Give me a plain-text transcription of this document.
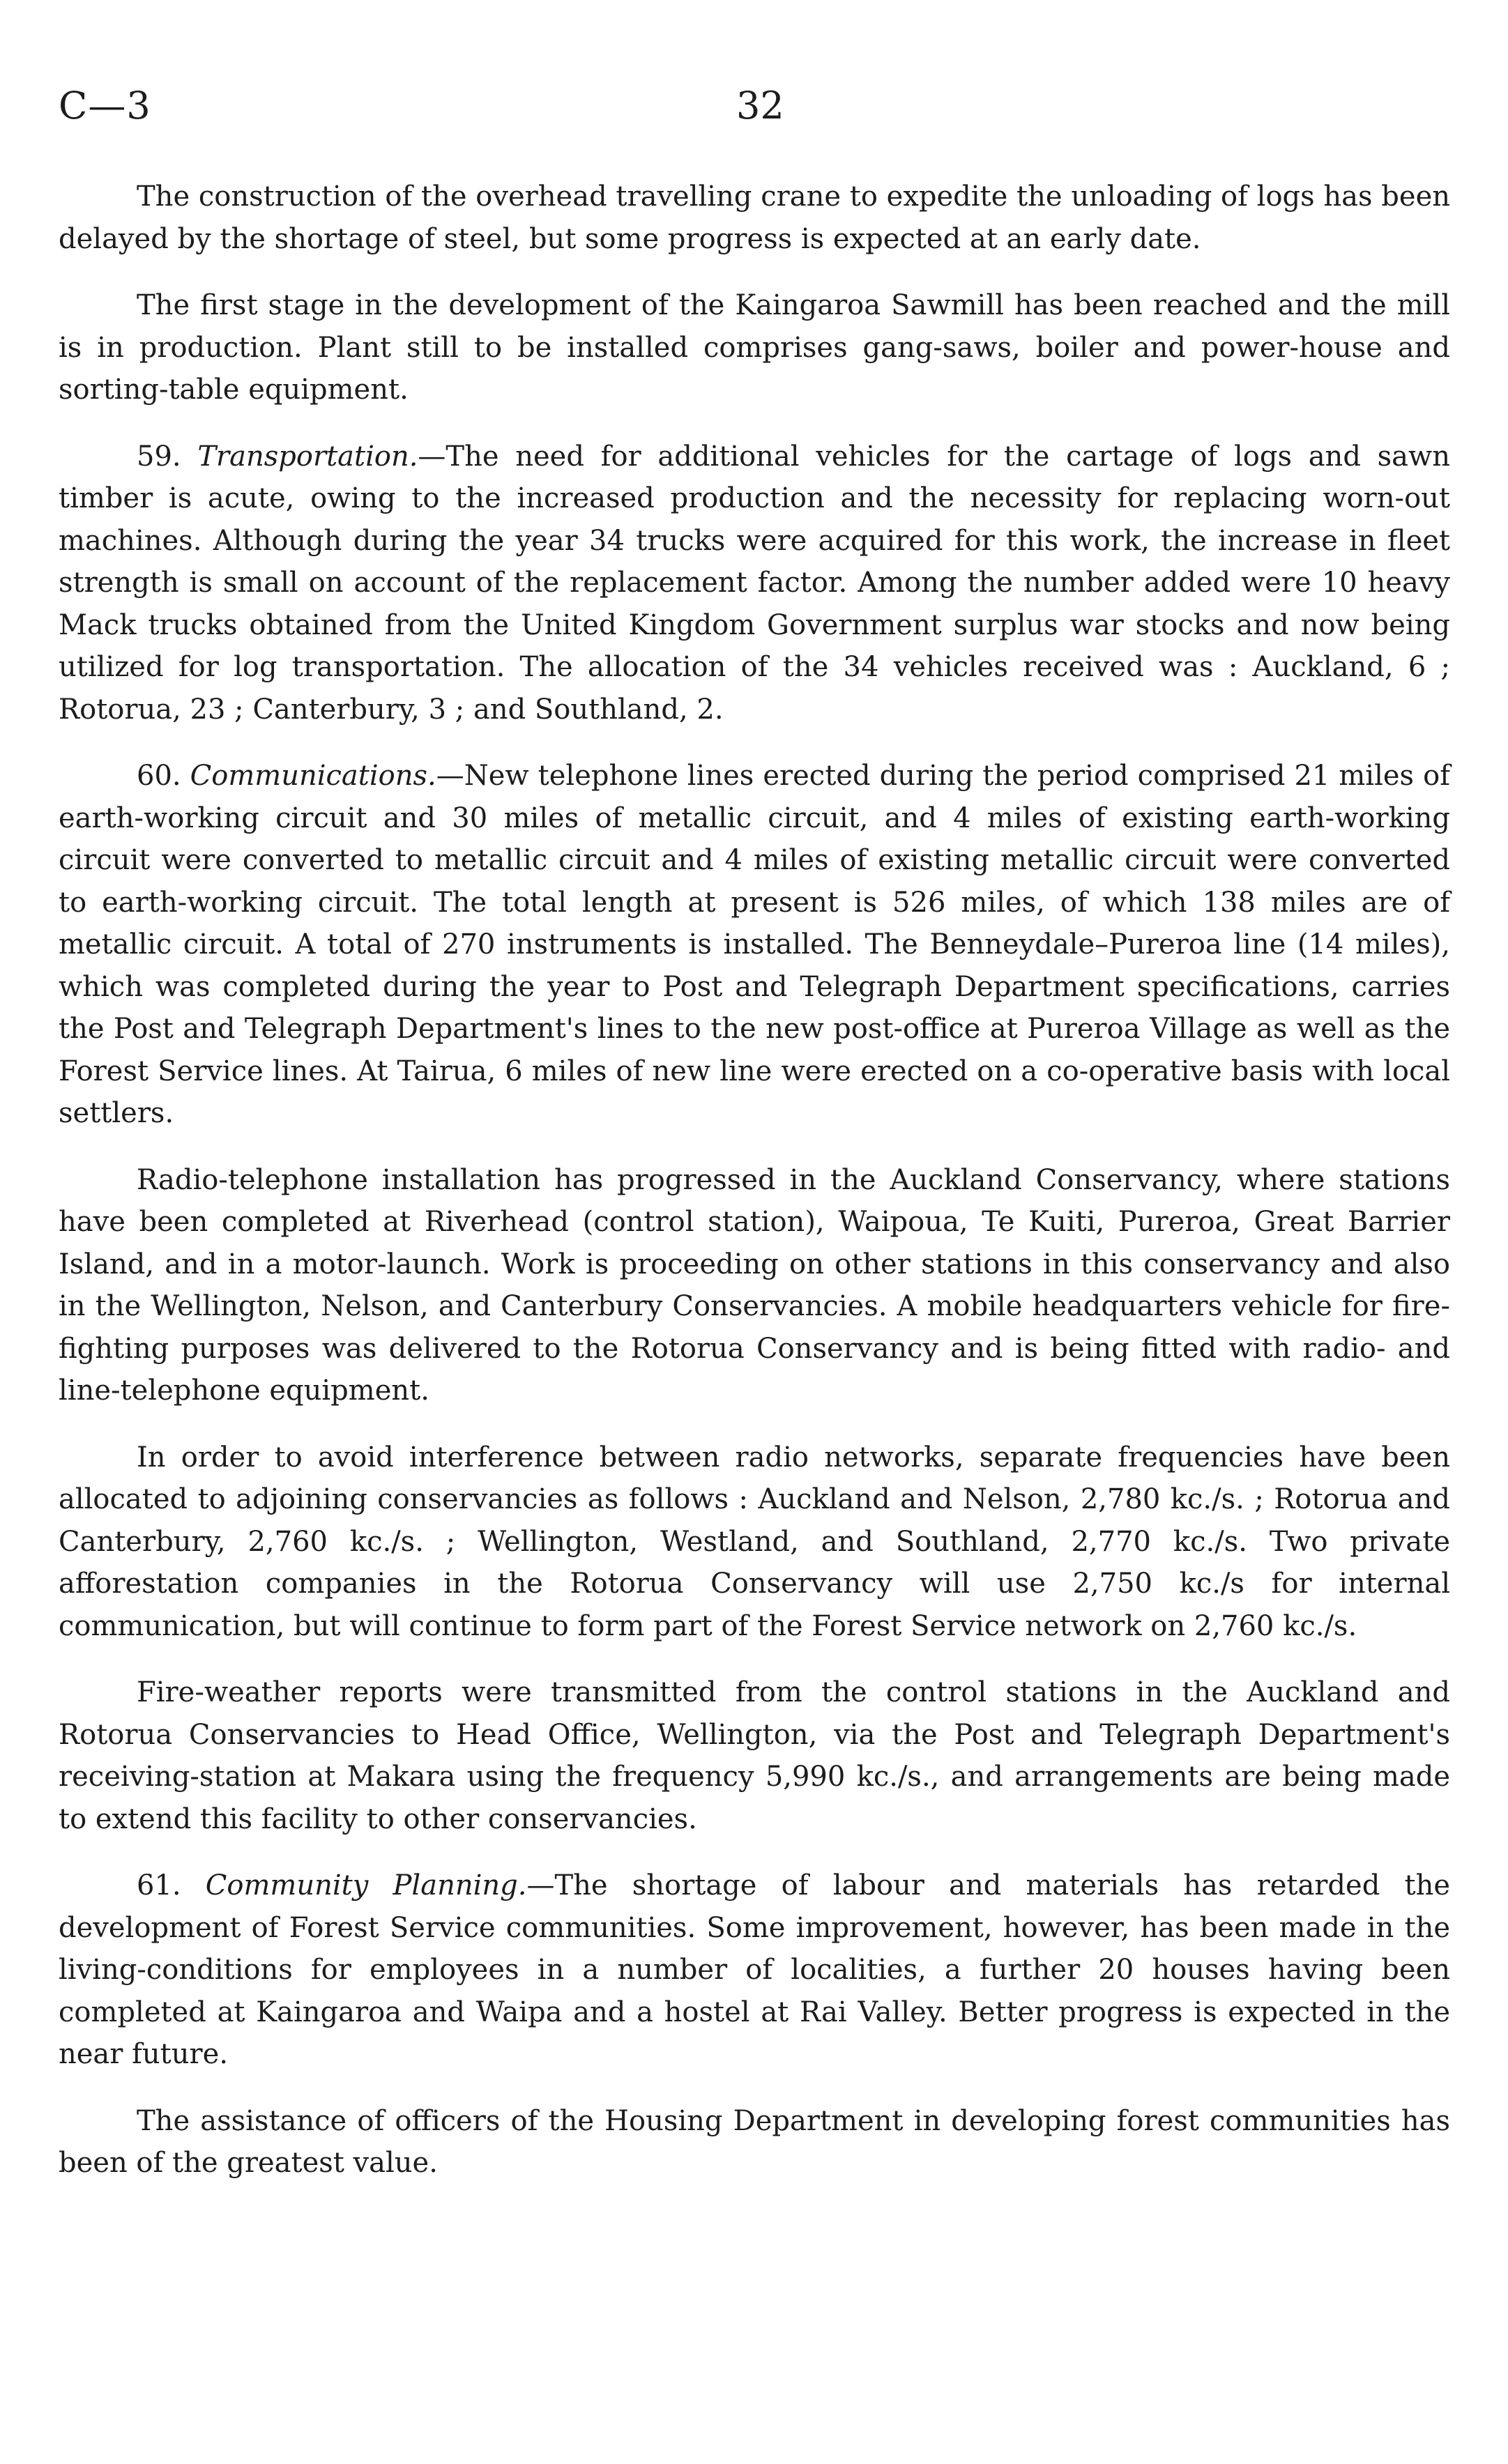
C—3	32

The construction of the overhead travelling crane to expedite the unloading of logs has been delayed by the shortage of steel, but some progress is expected at an early date.

The first stage in the development of the Kaingaroa Sawmill has been reached and the mill is in production. Plant still to be installed comprises gang-saws, boiler and power-house and sorting-table equipment.

59. Transportation.—The need for additional vehicles for the cartage of logs and sawn timber is acute, owing to the increased production and the necessity for replacing worn-out machines. Although during the year 34 trucks were acquired for this work, the increase in fleet strength is small on account of the replacement factor. Among the number added were 10 heavy Mack trucks obtained from the United Kingdom Government surplus war stocks and now being utilized for log transportation. The allocation of the 34 vehicles received was : Auckland, 6 ; Rotorua, 23 ; Canterbury, 3 ; and Southland, 2.

60. Communications.—New telephone lines erected during the period comprised 21 miles of earth-working circuit and 30 miles of metallic circuit, and 4 miles of existing earth-working circuit were converted to metallic circuit and 4 miles of existing metallic circuit were converted to earth-working circuit. The total length at present is 526 miles, of which 138 miles are of metallic circuit. A total of 270 instruments is installed. The Benneydale–Pureroa line (14 miles), which was completed during the year to Post and Telegraph Department specifications, carries the Post and Telegraph Department's lines to the new post-office at Pureroa Village as well as the Forest Service lines. At Tairua, 6 miles of new line were erected on a co-operative basis with local settlers.

Radio-telephone installation has progressed in the Auckland Conservancy, where stations have been completed at Riverhead (control station), Waipoua, Te Kuiti, Pureroa, Great Barrier Island, and in a motor-launch. Work is proceeding on other stations in this conservancy and also in the Wellington, Nelson, and Canterbury Conservancies. A mobile headquarters vehicle for fire-fighting purposes was delivered to the Rotorua Conservancy and is being fitted with radio- and line-telephone equipment.

In order to avoid interference between radio networks, separate frequencies have been allocated to adjoining conservancies as follows : Auckland and Nelson, 2,780 kc./s. ; Rotorua and Canterbury, 2,760 kc./s. ; Wellington, Westland, and Southland, 2,770 kc./s. Two private afforestation companies in the Rotorua Conservancy will use 2,750 kc./s for internal communication, but will continue to form part of the Forest Service network on 2,760 kc./s.

Fire-weather reports were transmitted from the control stations in the Auckland and Rotorua Conservancies to Head Office, Wellington, via the Post and Telegraph Department's receiving-station at Makara using the frequency 5,990 kc./s., and arrangements are being made to extend this facility to other conservancies.

61. Community Planning.—The shortage of labour and materials has retarded the development of Forest Service communities. Some improvement, however, has been made in the living-conditions for employees in a number of localities, a further 20 houses having been completed at Kaingaroa and Waipa and a hostel at Rai Valley. Better progress is expected in the near future.

The assistance of officers of the Housing Department in developing forest communities has been of the greatest value.
